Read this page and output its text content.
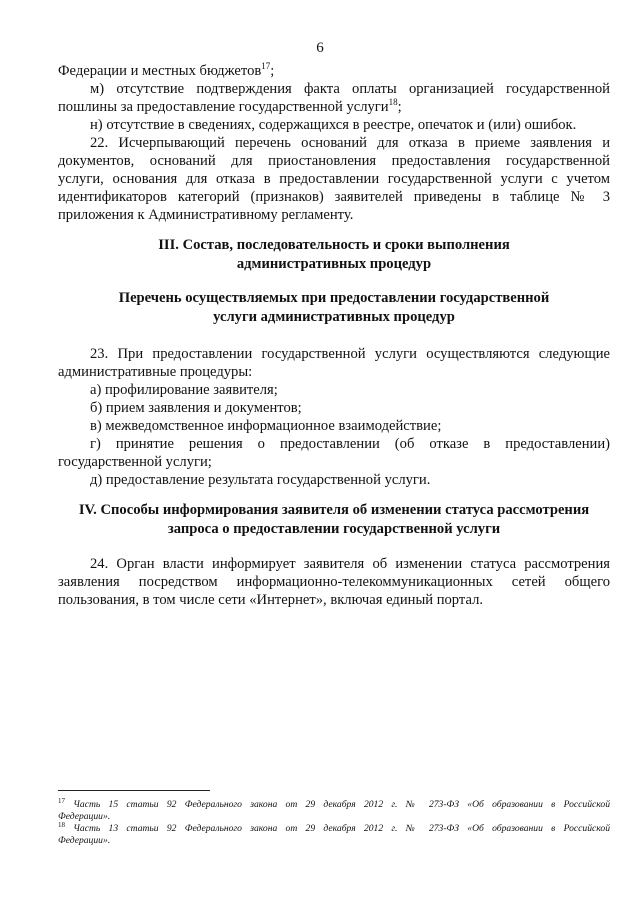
6
Федерации и местных бюджетов$^{17}$;
м) отсутствие подтверждения факта оплаты организацией государственной
пошлины за предоставление государственной услуги$^{18}$;
н) отсутствие в сведениях, содержащихся в реестре, опечаток и (или) ошибок.
22. Исчерпывающий перечень оснований для отказа в приеме заявления и
документов, оснований для приостановления предоставления государственной
услуги, основания для отказа в предоставлении государственной услуги с учетом
идентификаторов категорий (признаков) заявителей приведены в таблице № 3
приложения к Административному регламенту.
III. Состав, последовательность и сроки выполнения
административных процедур
Перечень осуществляемых при предоставлении государственной
услуги административных процедур
23. При предоставлении государственной услуги осуществляются следующие
административные процедуры:
а) профилирование заявителя;
б) прием заявления и документов;
в) межведомственное информационное взаимодействие;
г) принятие решения о предоставлении (об отказе в предоставлении)
государственной услуги;
д) предоставление результата государственной услуги.
IV. Способы информирования заявителя об изменении статуса рассмотрения
запроса о предоставлении государственной услуги
24. Орган власти информирует заявителя об изменении статуса рассмотрения
заявления посредством информационно-телекоммуникационных сетей общего
пользования, в том числе сети «Интернет», включая единый портал.
$^{17}$ Часть 15 статьи 92 Федерального закона от 29 декабря 2012 г. № 273-ФЗ «Об образовании в Российской
Федерации».
$^{18}$ Часть 13 статьи 92 Федерального закона от 29 декабря 2012 г. № 273-ФЗ «Об образовании в Российской
Федерации».
